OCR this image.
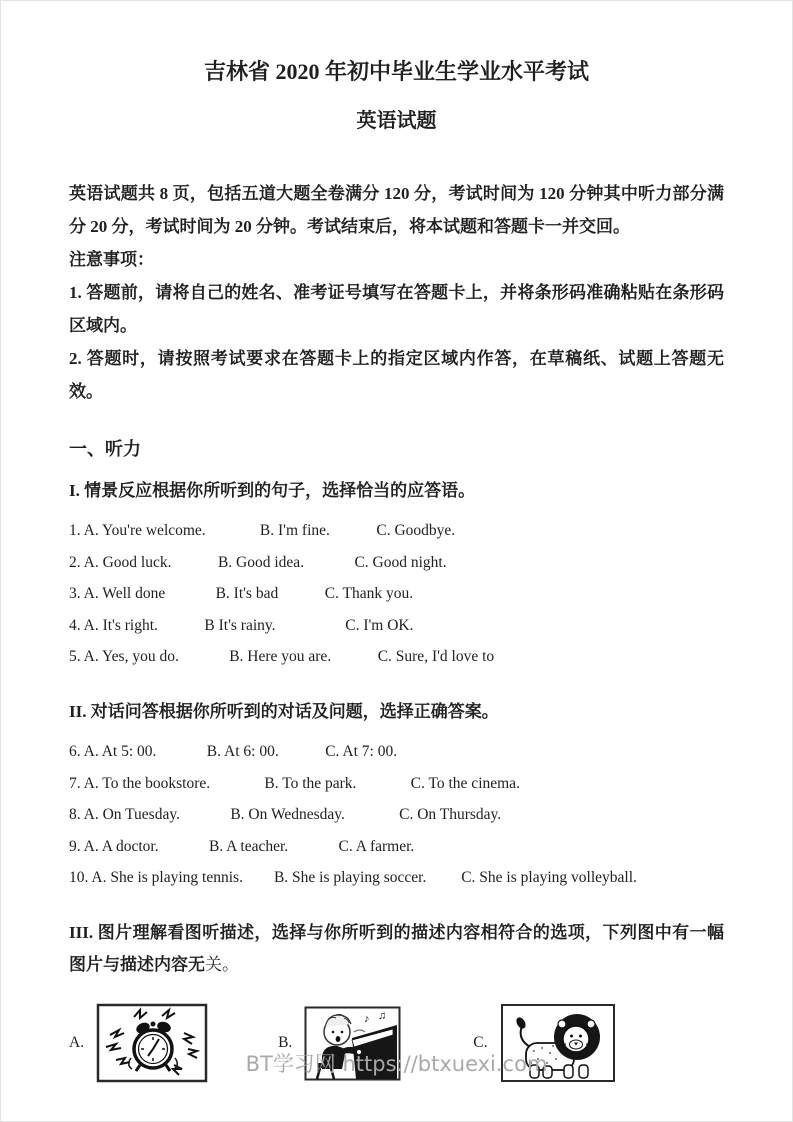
吉林省 2020 年初中毕业生学业水平考试
英语试题

英语试题共 8 页，包括五道大题全卷满分 120 分，考试时间为 120 分钟其中听力部分满分 20 分，考试时间为 20 分钟。考试结束后，将本试题和答题卡一并交回。

注意事项：

1. 答题前，请将自己的姓名、准考证号填写在答题卡上，并将条形码准确粘贴在条形码区域内。

2. 答题时，请按照考试要求在答题卡上的指定区域内作答，在草稿纸、试题上答题无效。

一、听力

I. 情景反应根据你所听到的句子，选择恰当的应答语。

1. A. You're welcome.              B. I'm fine.            C. Goodbye.

2. A. Good luck.            B. Good idea.             C. Good night.

3. A. Well done             B. It's bad            C. Thank you.

4. A. It's right.            B It's rainy.                  C. I'm OK.

5. A. Yes, you do.             B. Here you are.            C. Sure, I'd love to

II. 对话问答根据你所听到的对话及问题，选择正确答案。

6. A. At 5: 00.             B. At 6: 00.            C. At 7: 00.

7. A. To the bookstore.              B. To the park.              C. To the cinema.

8. A. On Tuesday.             B. On Wednesday.              C. On Thursday.

9. A. A doctor.             B. A teacher.             C. A farmer.

10. A. She is playing tennis.        B. She is playing soccer.         C. She is playing volleyball.

III. 图片理解看图听描述，选择与你所听到的描述内容相符合的选项，下列图中有一幅图片与描述内容无关。

A.	B.
♪ ♫
C.
BT学习网 https://btxuexi.com
